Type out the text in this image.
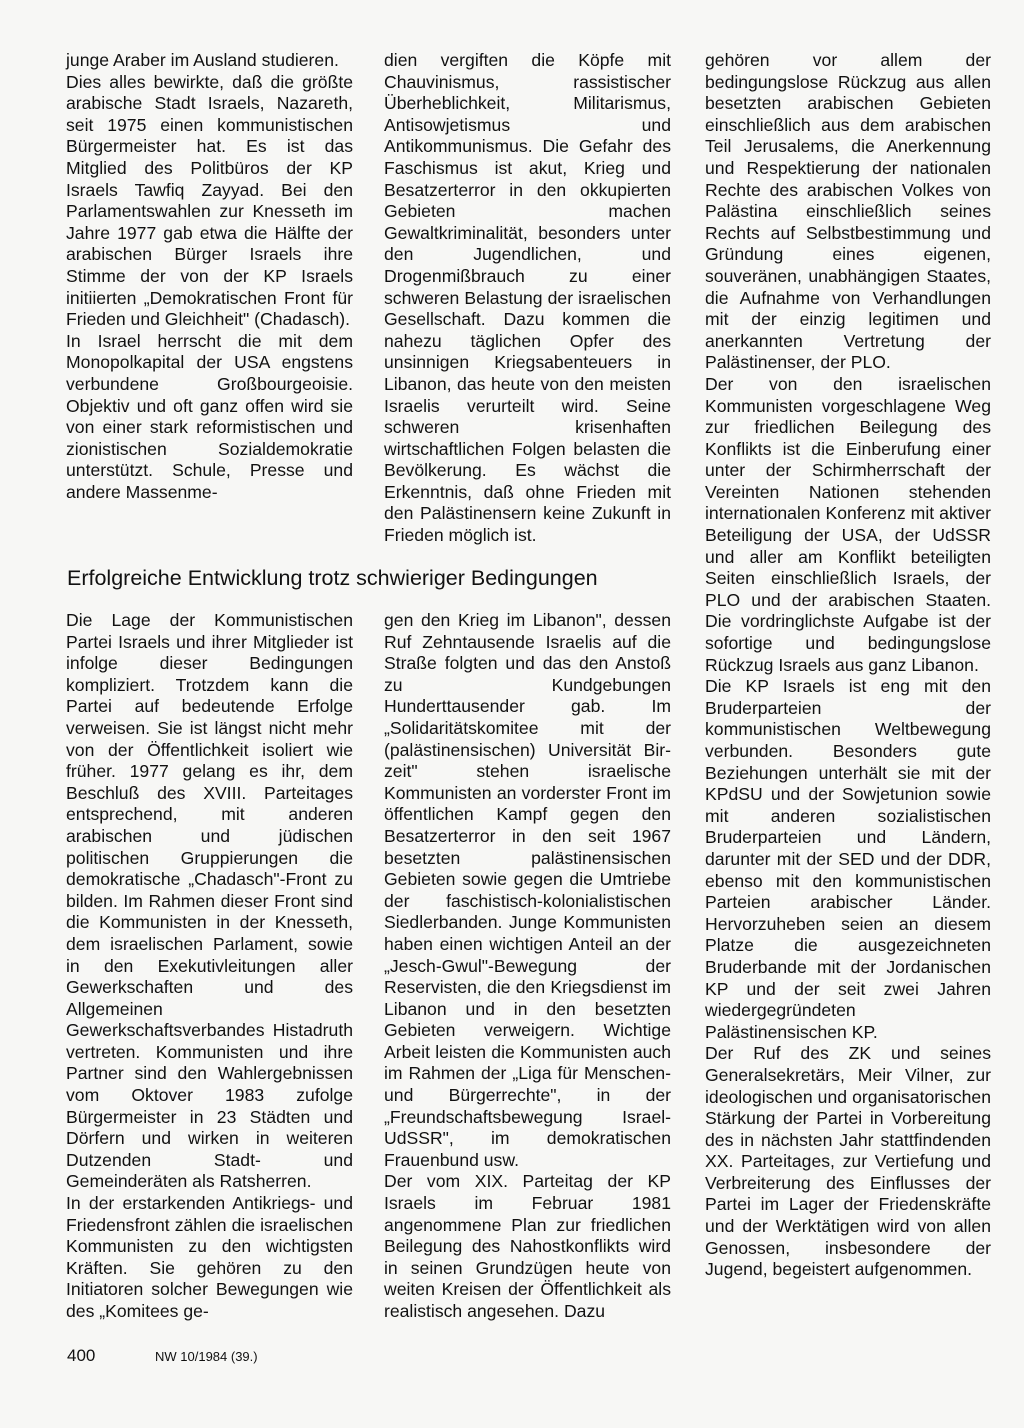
junge Araber im Ausland studieren.

Dies alles bewirkte, daß die größte arabische Stadt Israels, Nazareth, seit 1975 einen kommunistischen Bürgermeister hat. Es ist das Mitglied des Politbüros der KP Israels Tawfiq Zayyad. Bei den Parlamentswahlen zur Knesseth im Jahre 1977 gab etwa die Hälfte der arabischen Bürger Israels ihre Stimme der von der KP Israels initiierten „Demokratischen Front für Frieden und Gleichheit" (Chadasch).

In Israel herrscht die mit dem Monopolkapital der USA engstens verbundene Großbourgeoisie. Objektiv und oft ganz offen wird sie von einer stark reformistischen und zionistischen Sozialdemokratie unterstützt. Schule, Presse und andere Massenme-

dien vergiften die Köpfe mit Chauvinismus, rassistischer Überheblichkeit, Militarismus, Antisowjetismus und Antikommunismus. Die Gefahr des Faschismus ist akut, Krieg und Besatzerterror in den okkupierten Gebieten machen Gewaltkriminalität, besonders unter den Jugendlichen, und Drogenmißbrauch zu einer schweren Belastung der israelischen Gesellschaft. Dazu kommen die nahezu täglichen Opfer des unsinnigen Kriegsabenteuers in Libanon, das heute von den meisten Israelis verurteilt wird. Seine schweren krisenhaften wirtschaftlichen Folgen belasten die Bevölkerung. Es wächst die Erkenntnis, daß ohne Frieden mit den Palästinensern keine Zukunft in Frieden möglich ist.

Erfolgreiche Entwicklung trotz schwieriger Bedingungen

Die Lage der Kommunistischen Partei Israels und ihrer Mitglieder ist infolge dieser Bedingungen kompliziert. Trotzdem kann die Partei auf bedeutende Erfolge verweisen. Sie ist längst nicht mehr von der Öffentlichkeit isoliert wie früher. 1977 gelang es ihr, dem Beschluß des XVIII. Parteitages entsprechend, mit anderen arabischen und jüdischen politischen Gruppierungen die demokratische „Chadasch"-Front zu bilden. Im Rahmen dieser Front sind die Kommunisten in der Knesseth, dem israelischen Parlament, sowie in den Exekutivleitungen aller Gewerkschaften und des Allgemeinen Gewerkschaftsverbandes Histadruth vertreten. Kommunisten und ihre Partner sind den Wahlergebnissen vom Oktover 1983 zufolge Bürgermeister in 23 Städten und Dörfern und wirken in weiteren Dutzenden Stadt- und Gemeinderäten als Ratsherren.

In der erstarkenden Antikriegs- und Friedensfront zählen die israelischen Kommunisten zu den wichtigsten Kräften. Sie gehören zu den Initiatoren solcher Bewegungen wie des „Komitees ge-

gen den Krieg im Libanon", dessen Ruf Zehntausende Israelis auf die Straße folgten und das den Anstoß zu Kundgebungen Hunderttausender gab. Im „Solidaritätskomitee mit der (palästinensischen) Universität Bir-zeit" stehen israelische Kommunisten an vorderster Front im öffentlichen Kampf gegen den Besatzerterror in den seit 1967 besetzten palästinensischen Gebieten sowie gegen die Umtriebe der faschistisch-kolonialistischen Siedlerbanden. Junge Kommunisten haben einen wichtigen Anteil an der „Jesch-Gwul"-Bewegung der Reservisten, die den Kriegsdienst im Libanon und in den besetzten Gebieten verweigern. Wichtige Arbeit leisten die Kommunisten auch im Rahmen der „Liga für Menschen- und Bürgerrechte", in der „Freundschaftsbewegung Israel-UdSSR", im demokratischen Frauenbund usw.

Der vom XIX. Parteitag der KP Israels im Februar 1981 angenommene Plan zur friedlichen Beilegung des Nahostkonflikts wird in seinen Grundzügen heute von weiten Kreisen der Öffentlichkeit als realistisch angesehen. Dazu

gehören vor allem der bedingungslose Rückzug aus allen besetzten arabischen Gebieten einschließlich aus dem arabischen Teil Jerusalems, die Anerkennung und Respektierung der nationalen Rechte des arabischen Volkes von Palästina einschließlich seines Rechts auf Selbstbestimmung und Gründung eines eigenen, souveränen, unabhängigen Staates, die Aufnahme von Verhandlungen mit der einzig legitimen und anerkannten Vertretung der Palästinenser, der PLO.

Der von den israelischen Kommunisten vorgeschlagene Weg zur friedlichen Beilegung des Konflikts ist die Einberufung einer unter der Schirmherrschaft der Vereinten Nationen stehenden internationalen Konferenz mit aktiver Beteiligung der USA, der UdSSR und aller am Konflikt beteiligten Seiten einschließlich Israels, der PLO und der arabischen Staaten. Die vordringlichste Aufgabe ist der sofortige und bedingungslose Rückzug Israels aus ganz Libanon.

Die KP Israels ist eng mit den Bruderparteien der kommunistischen Weltbewegung verbunden. Besonders gute Beziehungen unterhält sie mit der KPdSU und der Sowjetunion sowie mit anderen sozialistischen Bruderparteien und Ländern, darunter mit der SED und der DDR, ebenso mit den kommunistischen Parteien arabischer Länder. Hervorzuheben seien an diesem Platze die ausgezeichneten Bruderbande mit der Jordanischen KP und der seit zwei Jahren wiedergegründeten Palästinensischen KP.

Der Ruf des ZK und seines Generalsekretärs, Meir Vilner, zur ideologischen und organisatorischen Stärkung der Partei in Vorbereitung des in nächsten Jahr stattfindenden XX. Parteitages, zur Vertiefung und Verbreiterung des Einflusses der Partei im Lager der Friedenskräfte und der Werktätigen wird von allen Genossen, insbesondere der Jugend, begeistert aufgenommen.

400	NW 10/1984 (39.)
